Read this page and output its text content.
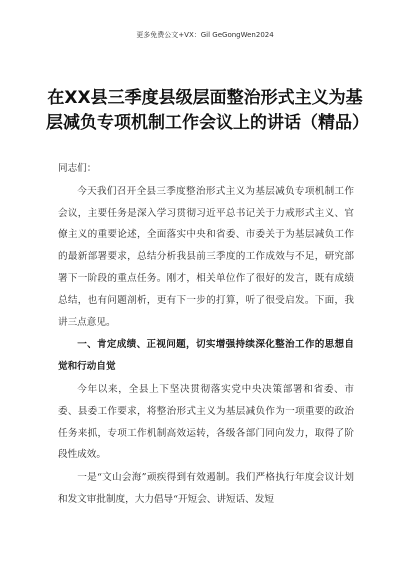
更多免费公文+VX：Gil GeGongWen2024
在XX县三季度县级层面整治形式主义为基层减负专项机制工作会议上的讲话（精品）

同志们：

今天我们召开全县三季度整治形式主义为基层减负专项机制工作会议，主要任务是深入学习贯彻习近平总书记关于力戒形式主义、官僚主义的重要论述，全面落实中央和省委、市委关于为基层减负工作的最新部署要求，总结分析我县前三季度的工作成效与不足，研究部署下一阶段的重点任务。刚才，相关单位作了很好的发言，既有成绩总结，也有问题剖析，更有下一步的打算，听了很受启发。下面，我讲三点意见。

一、肯定成绩、正视问题，切实增强持续深化整治工作的思想自觉和行动自觉

今年以来，全县上下坚决贯彻落实党中央决策部署和省委、市委、县委工作要求，将整治形式主义为基层减负作为一项重要的政治任务来抓，专项工作机制高效运转，各级各部门同向发力，取得了阶段性成效。

一是“文山会海”顽疾得到有效遏制。我们严格执行年度会议计划和发文审批制度，大力倡导“开短会、讲短话、发短
